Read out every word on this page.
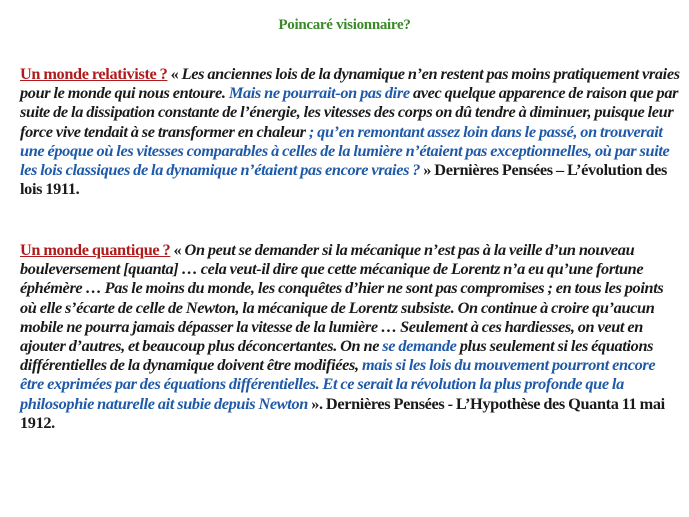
Poincaré visionnaire?
Un monde relativiste ? « Les anciennes lois de la dynamique n’en restent pas moins pratiquement vraies pour le monde qui nous entoure. Mais ne pourrait-on pas dire avec quelque apparence de raison que par suite de la dissipation constante de l’énergie, les vitesses des corps on dû tendre à diminuer, puisque leur force vive tendait à se transformer en chaleur ; qu’en remontant assez loin dans le passé, on trouverait une époque où les vitesses comparables à celles de la lumière n’étaient pas exceptionnelles, où par suite les lois classiques de la dynamique n’étaient pas encore vraies ? » Dernières Pensées – L’évolution des lois 1911.
Un monde quantique ? « On peut se demander si la mécanique n’est pas à la veille d’un nouveau bouleversement [quanta] … cela veut-il dire que cette mécanique de Lorentz n’a eu qu’une fortune éphémère … Pas le moins du monde, les conquêtes d’hier ne sont pas compromises ; en tous les points où elle s’écarte de celle de Newton, la mécanique de Lorentz subsiste. On continue à croire qu’aucun mobile ne pourra jamais dépasser la vitesse de la lumière … Seulement à ces hardiesses, on veut en ajouter d’autres, et beaucoup plus déconcertantes. On ne se demande plus seulement si les équations différentielles de la dynamique doivent être modifiées, mais si les lois du mouvement pourront encore être exprimées par des équations différentielles. Et ce serait la révolution la plus profonde que la philosophie naturelle ait subie depuis Newton ». Dernières Pensées - L’Hypothèse des Quanta 11 mai 1912.
